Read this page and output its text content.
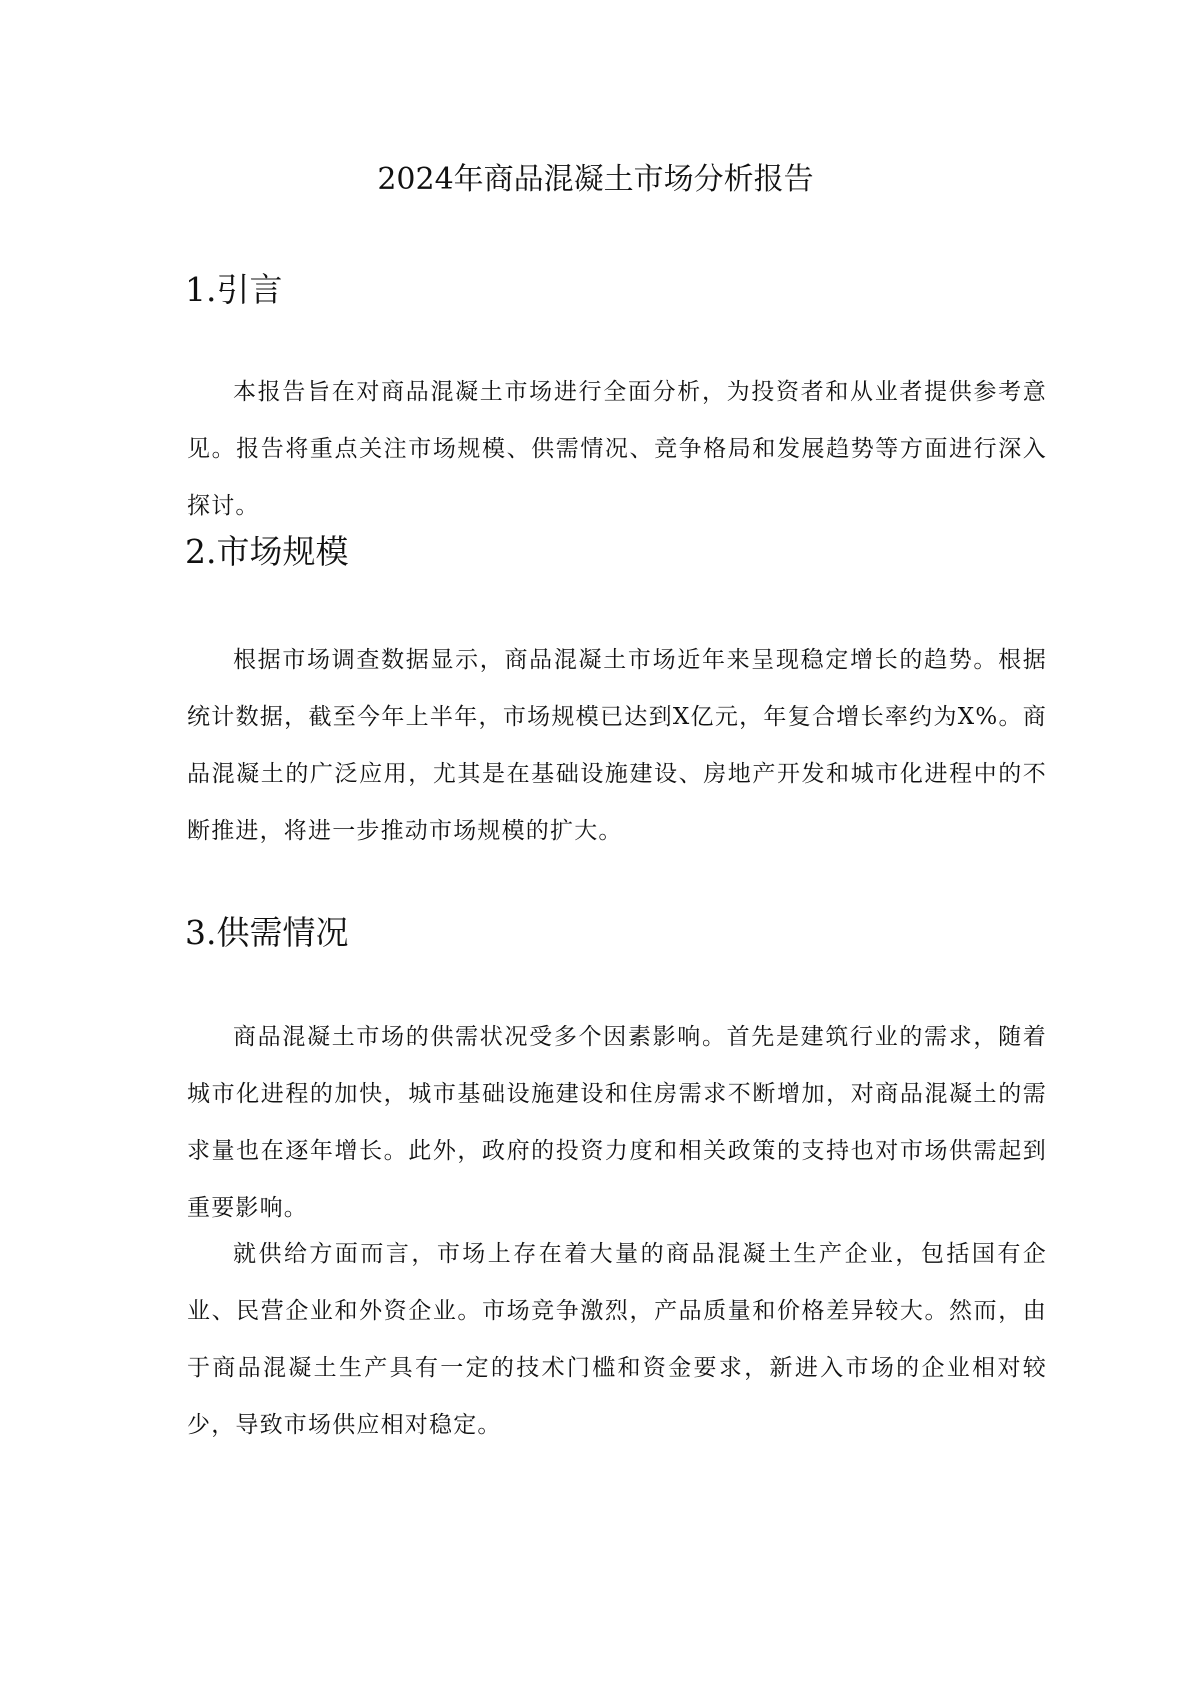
2024年商品混凝土市场分析报告
1.引言
本报告旨在对商品混凝土市场进行全面分析，为投资者和从业者提供参考意见。报告将重点关注市场规模、供需情况、竞争格局和发展趋势等方面进行深入探讨。
2.市场规模
根据市场调查数据显示，商品混凝土市场近年来呈现稳定增长的趋势。根据统计数据，截至今年上半年，市场规模已达到X亿元，年复合增长率约为X%。商品混凝土的广泛应用，尤其是在基础设施建设、房地产开发和城市化进程中的不断推进，将进一步推动市场规模的扩大。
3.供需情况
商品混凝土市场的供需状况受多个因素影响。首先是建筑行业的需求，随着城市化进程的加快，城市基础设施建设和住房需求不断增加，对商品混凝土的需求量也在逐年增长。此外，政府的投资力度和相关政策的支持也对市场供需起到重要影响。
就供给方面而言，市场上存在着大量的商品混凝土生产企业，包括国有企业、民营企业和外资企业。市场竞争激烈，产品质量和价格差异较大。然而，由于商品混凝土生产具有一定的技术门槛和资金要求，新进入市场的企业相对较少，导致市场供应相对稳定。
